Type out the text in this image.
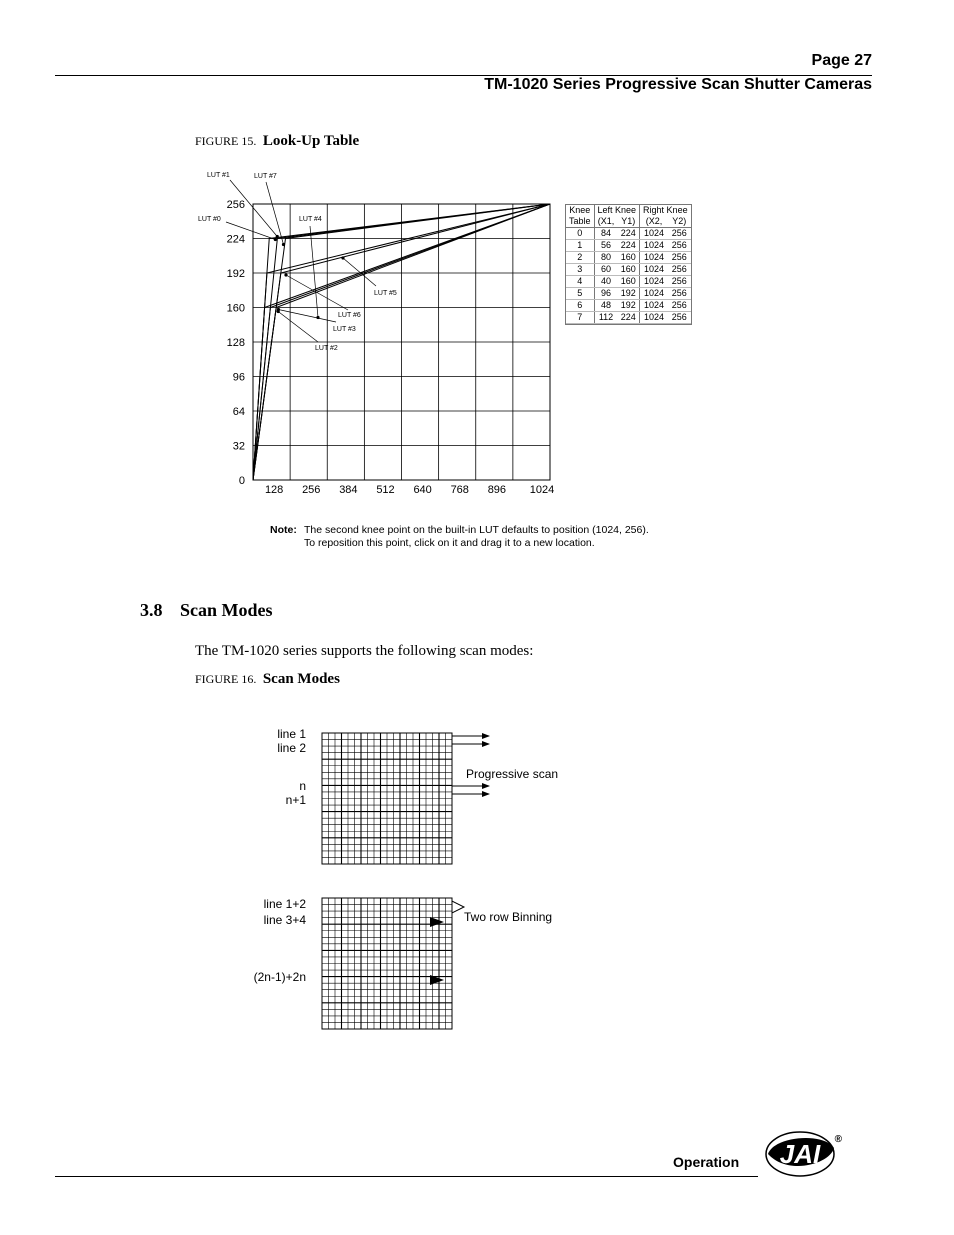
Page 27
TM-1020 Series Progressive Scan Shutter Cameras
FIGURE 15. Look-Up Table
0
32
64
96
128
160
192
224
256
128 256 384 512 640 768 896 1024
LUT #0
LUT #1	LUT #7
LUT #4
LUT #5
LUT #6
LUT #3
LUT #2
Knee	Left Knee		Right Knee	
Table	(X1,	Y1)	(X2,	Y2)
0	84	224	1024	256
1	56	224	1024	256
2	80	160	1024	256
3	60	160	1024	256
4	40	160	1024	256
5	96	192	1024	256
6	48	192	1024	256
7	112	224	1024	256
Note: The second knee point on the built-in LUT defaults to position (1024, 256).
To reposition this point, click on it and drag it to a new location.
3.8 Scan Modes
The TM-1020 series supports the following scan modes:
FIGURE 16. Scan Modes
line 1
line 2
n
n+1
Progressive scan
line 1+2
line 3+4
(2n-1)+2n
Two row Binning
Operation JAI ®
